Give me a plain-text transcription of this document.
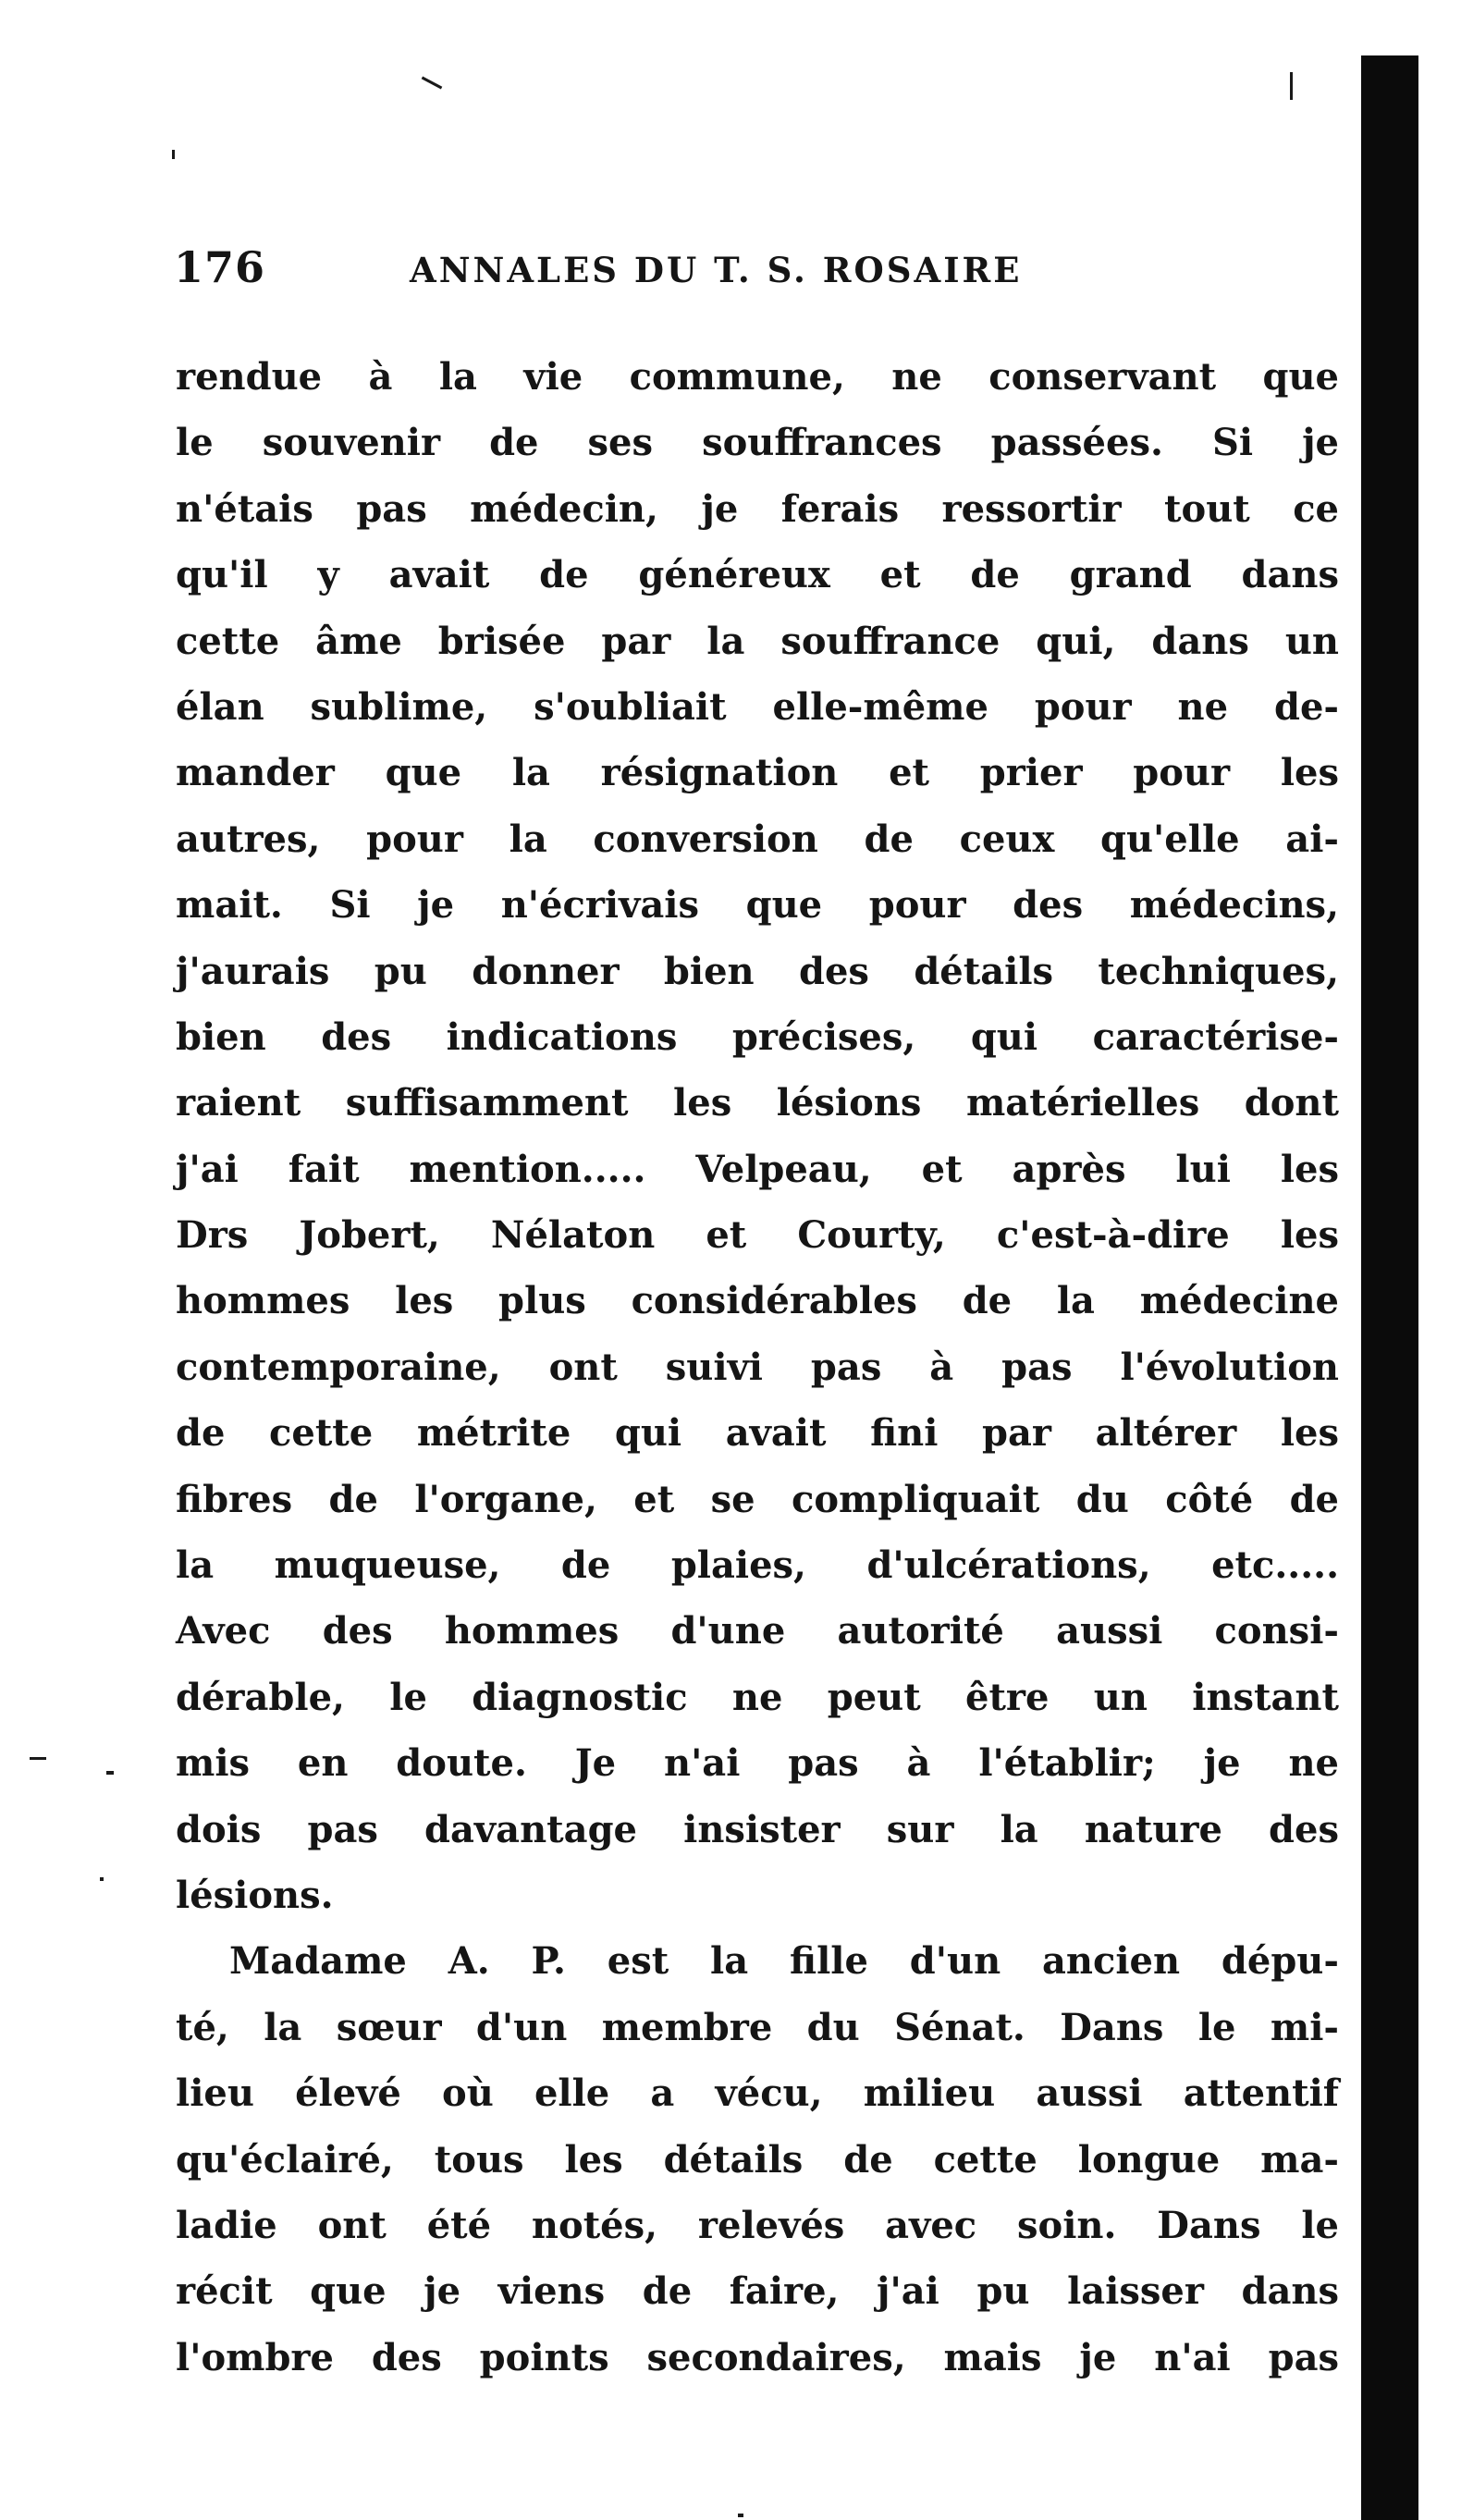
176	ANNALES DU T. S. ROSAIRE
rendue à la vie commune, ne conservant que
le souvenir de ses souffrances passées. Si je
n'étais pas médecin, je ferais ressortir tout ce
qu'il y avait de généreux et de grand dans
cette âme brisée par la souffrance qui, dans un
élan sublime, s'oubliait elle-même pour ne de-
mander que la résignation et prier pour les
autres, pour la conversion de ceux qu'elle ai-
mait. Si je n'écrivais que pour des médecins,
j'aurais pu donner bien des détails techniques,
bien des indications précises, qui caractérise-
raient suffisamment les lésions matérielles dont
j'ai fait mention..... Velpeau, et après lui les
Drs Jobert, Nélaton et Courty, c'est-à-dire les
hommes les plus considérables de la médecine
contemporaine, ont suivi pas à pas l'évolution
de cette métrite qui avait fini par altérer les
fibres de l'organe, et se compliquait du côté de
la muqueuse, de plaies, d'ulcérations, etc.....
Avec des hommes d'une autorité aussi consi-
dérable, le diagnostic ne peut être un instant
mis en doute. Je n'ai pas à l'établir; je ne
dois pas davantage insister sur la nature des
lésions.
Madame A. P. est la fille d'un ancien dépu-
té, la sœur d'un membre du Sénat. Dans le mi-
lieu élevé où elle a vécu, milieu aussi attentif
qu'éclairé, tous les détails de cette longue ma-
ladie ont été notés, relevés avec soin. Dans le
récit que je viens de faire, j'ai pu laisser dans
l'ombre des points secondaires, mais je n'ai pas
